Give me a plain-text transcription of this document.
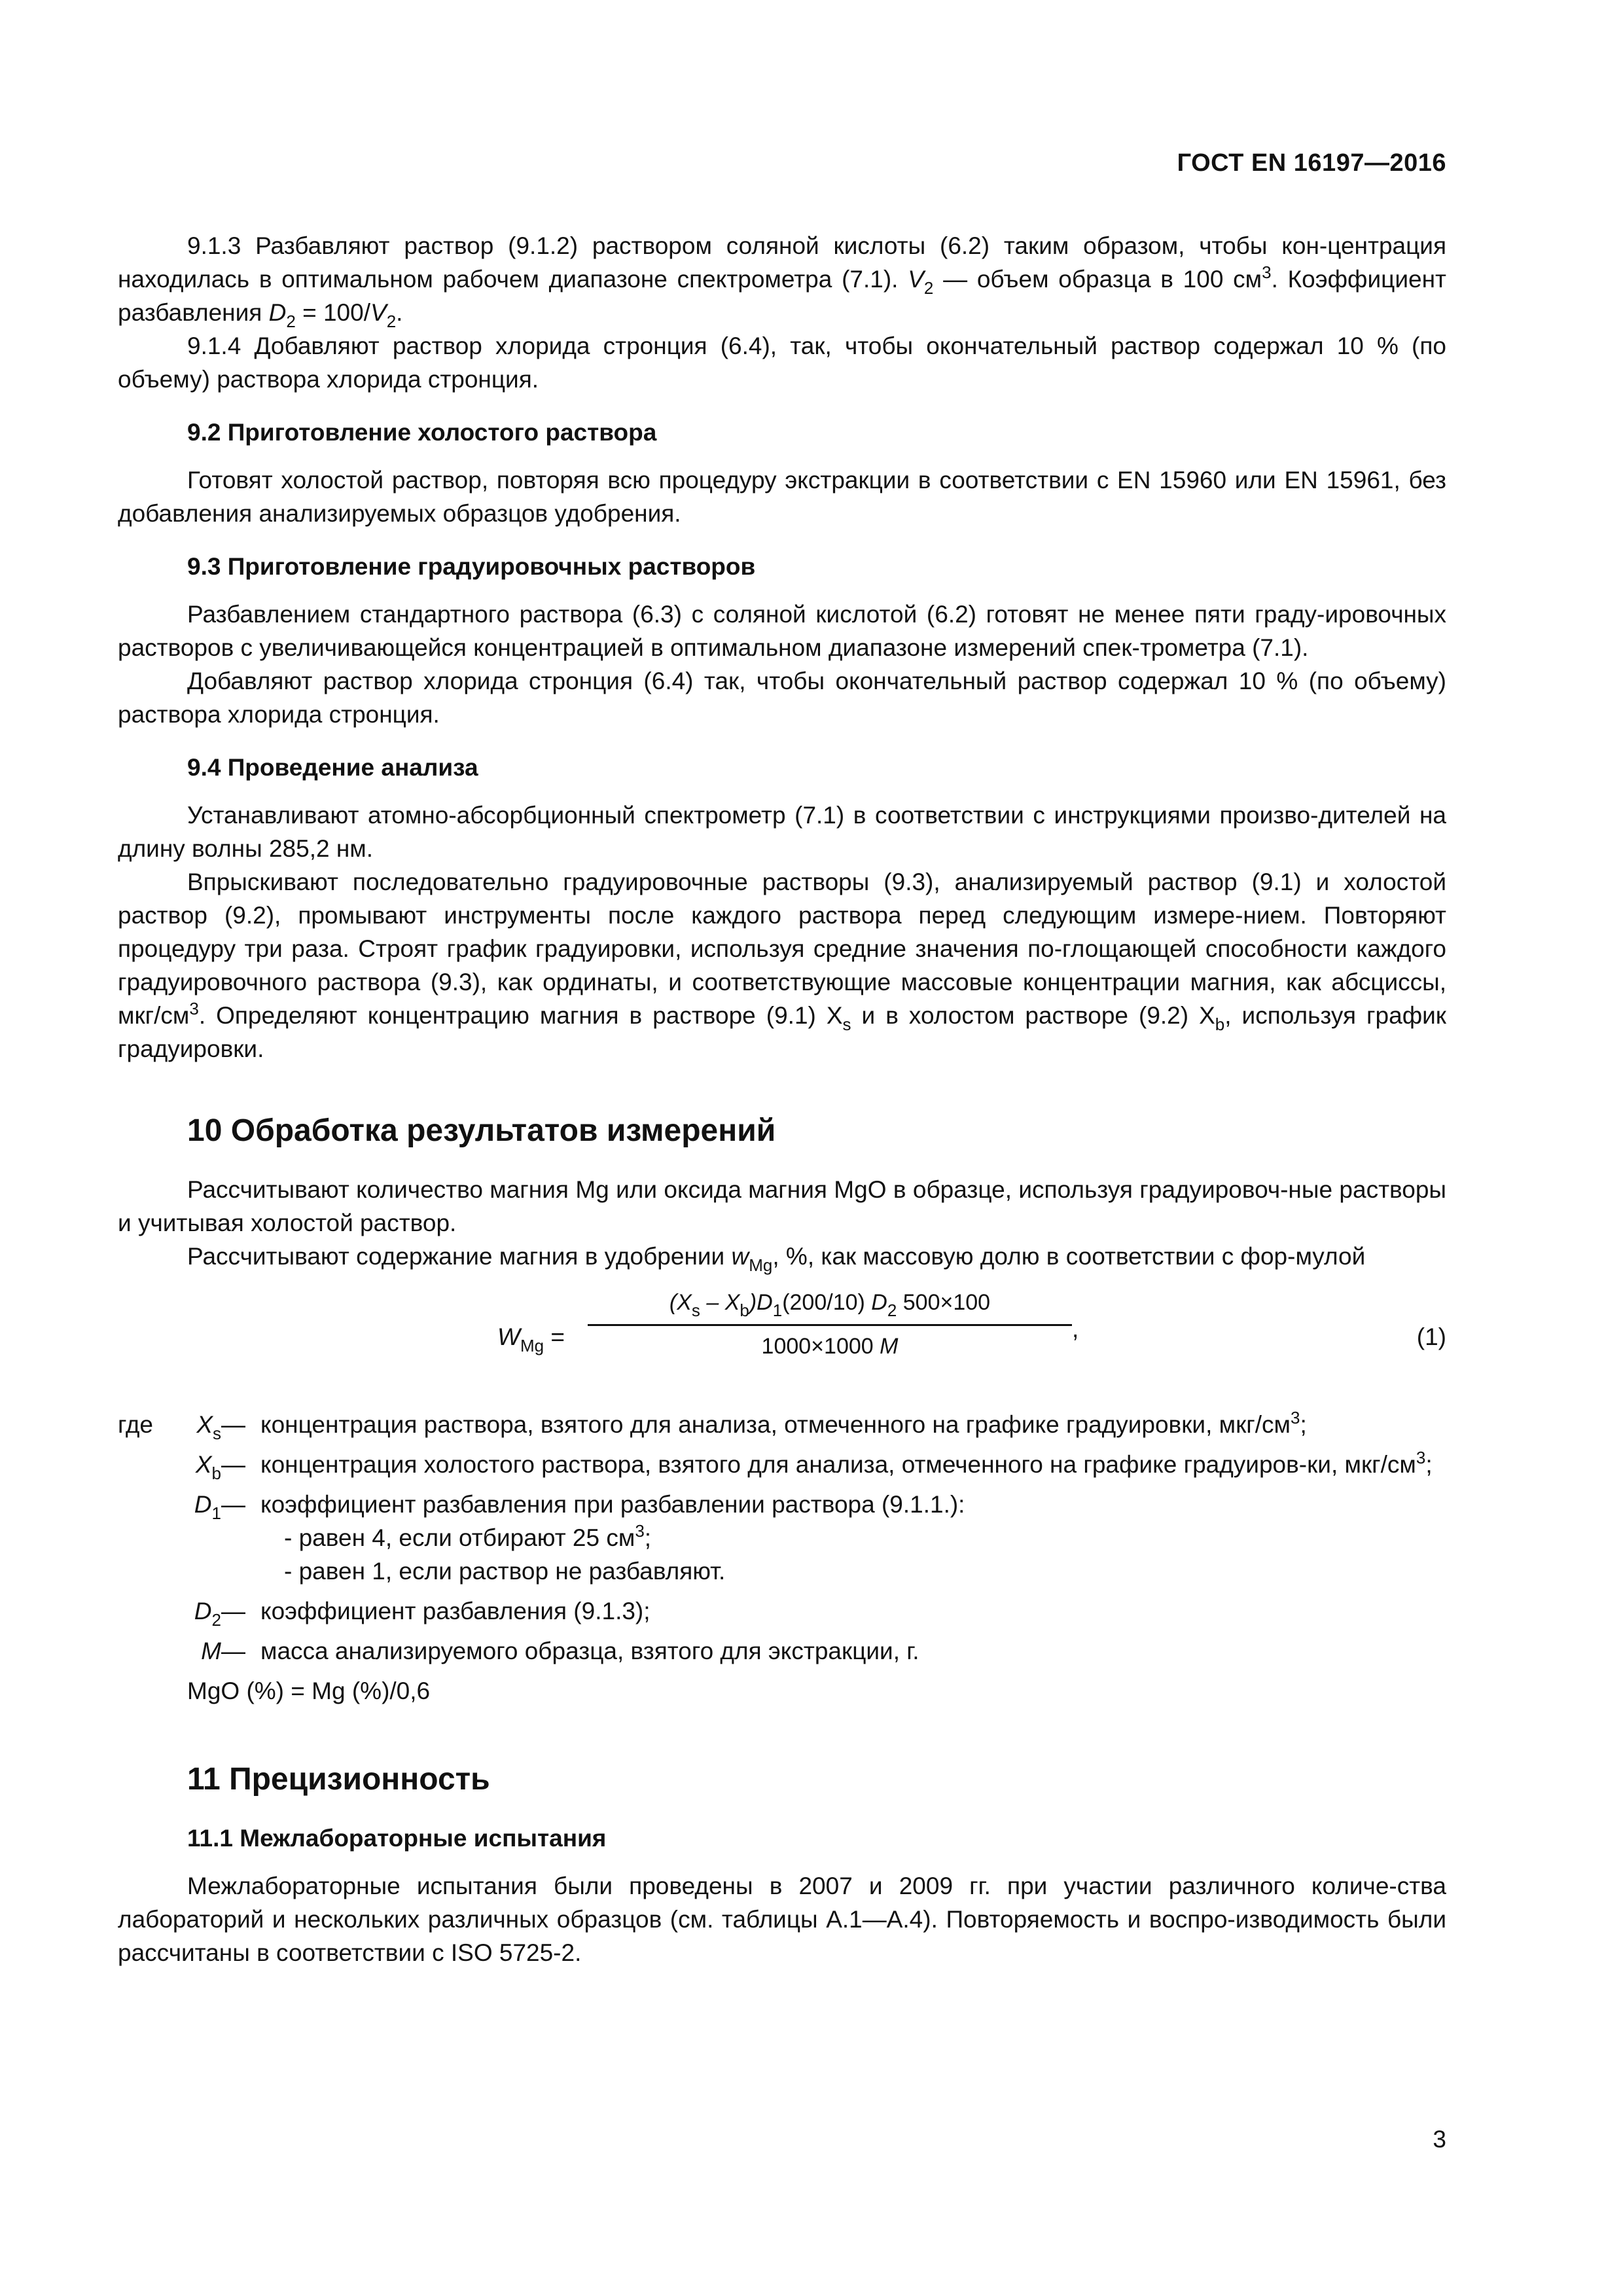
ГОСТ EN 16197—2016

9.1.3 Разбавляют раствор (9.1.2) раствором соляной кислоты (6.2) таким образом, чтобы кон-центрация находилась в оптимальном рабочем диапазоне спектрометра (7.1). $V_2$ — объем образца в 100 $см^3$. Коэффициент разбавления $D_2 = 100/V_2$.

9.1.4 Добавляют раствор хлорида стронция (6.4), так, чтобы окончательный раствор содержал 10 % (по объему) раствора хлорида стронция.

9.2 Приготовление холостого раствора

Готовят холостой раствор, повторяя всю процедуру экстракции в соответствии с EN 15960 или EN 15961, без добавления анализируемых образцов удобрения.

9.3 Приготовление градуировочных растворов

Разбавлением стандартного раствора (6.3) с соляной кислотой (6.2) готовят не менее пяти граду-ировочных растворов с увеличивающейся концентрацией в оптимальном диапазоне измерений спек-трометра (7.1).

Добавляют раствор хлорида стронция (6.4) так, чтобы окончательный раствор содержал 10 % (по объему) раствора хлорида стронция.

9.4 Проведение анализа

Устанавливают атомно-абсорбционный спектрометр (7.1) в соответствии с инструкциями произво-дителей на длину волны 285,2 нм.

Впрыскивают последовательно градуировочные растворы (9.3), анализируемый раствор (9.1) и холостой раствор (9.2), промывают инструменты после каждого раствора перед следующим измере-нием. Повторяют процедуру три раза. Строят график градуировки, используя средние значения по-глощающей способности каждого градуировочного раствора (9.3), как ординаты, и соответствующие массовые концентрации магния, как абсциссы, мкг/$см^3$. Определяют концентрацию магния в растворе (9.1) $X_s$ и в холостом растворе (9.2) $X_b$, используя график градуировки.

10 Обработка результатов измерений

Рассчитывают количество магния Mg или оксида магния MgO в образце, используя градуировоч-ные растворы и учитывая холостой раствор.

Рассчитывают содержание магния в удобрении $w_{Mg}$, %, как массовую долю в соответствии с фор-мулой

$W_{Mg}$ =
$(X_s - X_b)D_1(200/10)$ $D_2$ 500×100
1000×1000 M
,	(1)
где	$X_s$ — концентрация раствора, взятого для анализа, отмеченного на графике градуировки, мкг/$см^3$;
$X_b$ — концентрация холостого раствора, взятого для анализа, отмеченного на графике градуиров-ки, мкг/$см^3$;
$D_1$ — коэффициент разбавления при разбавлении раствора (9.1.1.):
- равен 4, если отбирают 25 $см^3$;
- равен 1, если раствор не разбавляют.
$D_2$ — коэффициент разбавления (9.1.3);
M — масса анализируемого образца, взятого для экстракции, г.
MgO (%) = Mg (%)/0,6
11 Прецизионность
11.1 Межлабораторные испытания

Межлабораторные испытания были проведены в 2007 и 2009 гг. при участии различного количе-ства лабораторий и нескольких различных образцов (см. таблицы А.1—А.4). Повторяемость и воспро-изводимость были рассчитаны в соответствии с ISO 5725-2.

3
